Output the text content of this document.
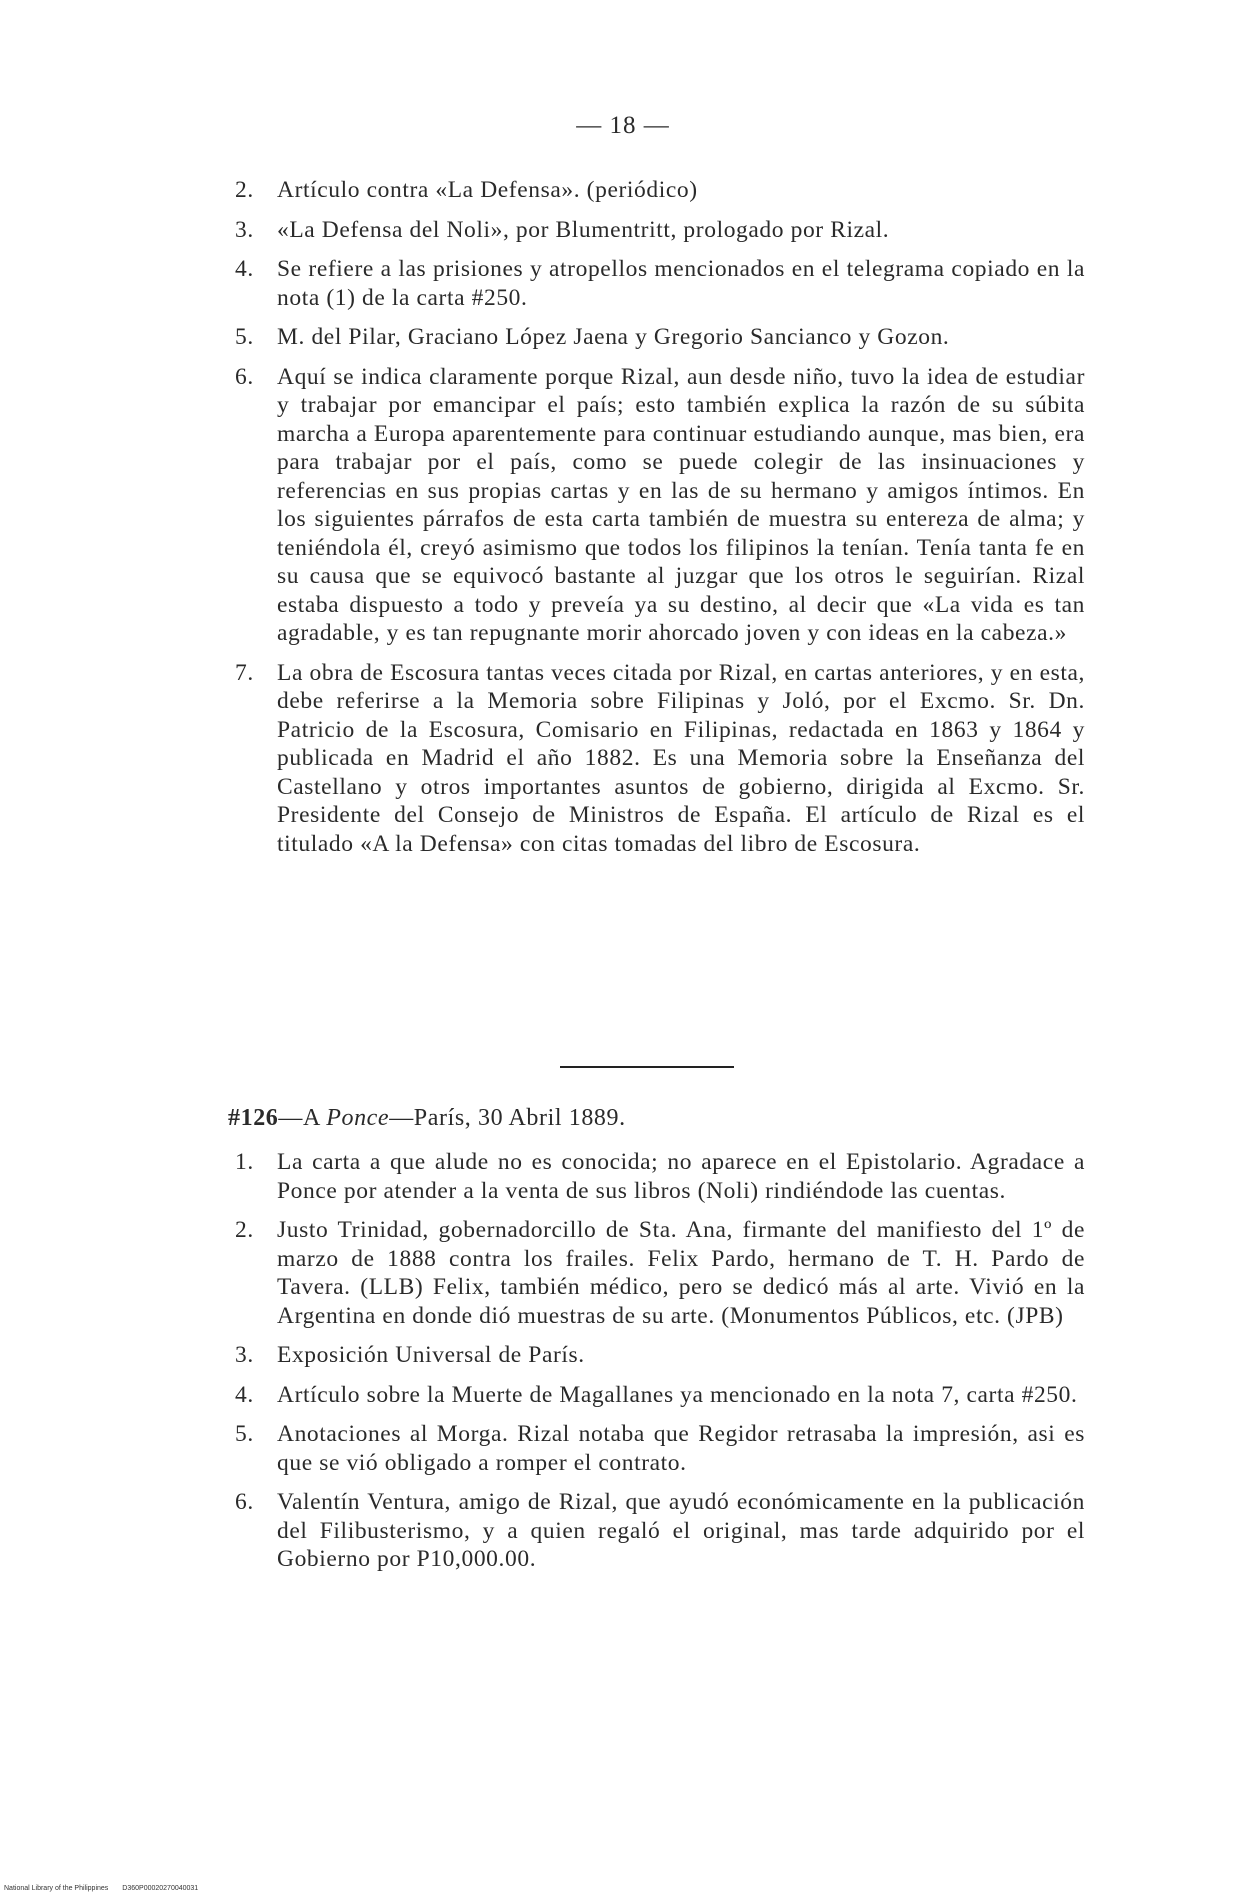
— 18 —
2. Artículo contra «La Defensa». (periódico)
3. «La Defensa del Noli», por Blumentritt, prologado por Rizal.
4. Se refiere a las prisiones y atropellos mencionados en el telegrama copiado en la nota (1) de la carta #250.
5. M. del Pilar, Graciano López Jaena y Gregorio Sancianco y Gozon.
6. Aquí se indica claramente porque Rizal, aun desde niño, tuvo la idea de estudiar y trabajar por emancipar el país; esto también explica la razón de su súbita marcha a Europa aparentemente para continuar estudiando aunque, mas bien, era para trabajar por el país, como se puede colegir de las insinuaciones y referencias en sus propias cartas y en las de su hermano y amigos íntimos. En los siguientes párrafos de esta carta también de muestra su entereza de alma; y teniéndola él, creyó asimismo que todos los filipinos la tenían. Tenía tanta fe en su causa que se equivocó bastante al juzgar que los otros le seguirían. Rizal estaba dispuesto a todo y preveía ya su destino, al decir que «La vida es tan agradable, y es tan repugnante morir ahorcado joven y con ideas en la cabeza.»
7. La obra de Escosura tantas veces citada por Rizal, en cartas anteriores, y en esta, debe referirse a la Memoria sobre Filipinas y Joló, por el Excmo. Sr. Dn. Patricio de la Escosura, Comisario en Filipinas, redactada en 1863 y 1864 y publicada en Madrid el año 1882. Es una Memoria sobre la Enseñanza del Castellano y otros importantes asuntos de gobierno, dirigida al Excmo. Sr. Presidente del Consejo de Ministros de España. El artículo de Rizal es el titulado «A la Defensa» con citas tomadas del libro de Escosura.
#126—A Ponce—París, 30 Abril 1889.
1. La carta a que alude no es conocida; no aparece en el Epistolario. Agradace a Ponce por atender a la venta de sus libros (Noli) rindiéndode las cuentas.
2. Justo Trinidad, gobernadorcillo de Sta. Ana, firmante del manifiesto del 1º de marzo de 1888 contra los frailes. Felix Pardo, hermano de T. H. Pardo de Tavera. (LLB) Felix, también médico, pero se dedicó más al arte. Vivió en la Argentina en donde dió muestras de su arte. (Monumentos Públicos, etc. (JPB)
3. Exposición Universal de París.
4. Artículo sobre la Muerte de Magallanes ya mencionado en la nota 7, carta #250.
5. Anotaciones al Morga. Rizal notaba que Regidor retrasaba la impresión, asi es que se vió obligado a romper el contrato.
6. Valentín Ventura, amigo de Rizal, que ayudó económicamente en la publicación del Filibusterismo, y a quien regaló el original, mas tarde adquirido por el Gobierno por P10,000.00.
National Library of the Philippines D360P00020270040031
